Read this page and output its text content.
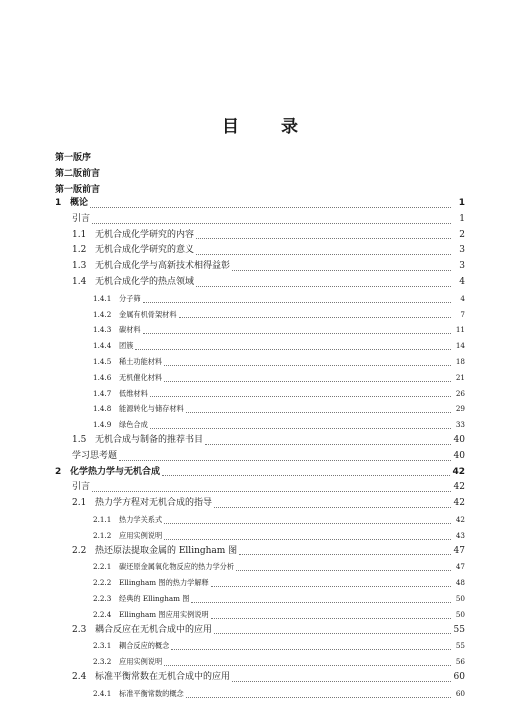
目 录
第一版序
第二版前言
第一版前言
1 概论	1
引言	1
1.1 无机合成化学研究的内容	2
1.2 无机合成化学研究的意义	3
1.3 无机合成化学与高新技术相得益彰	3
1.4 无机合成化学的热点领域	4
1.4.1	分子筛	4
1.4.2	金属有机骨架材料	7
1.4.3	碳材料	11
1.4.4	团簇	14
1.4.5	稀土功能材料	18
1.4.6	无机催化材料	21
1.4.7	低维材料	26
1.4.8	能源转化与储存材料	29
1.4.9	绿色合成	33
1.5 无机合成与制备的推荐书目	40
学习思考题	40
2 化学热力学与无机合成	42
引言	42
2.1 热力学方程对无机合成的指导	42
2.1.1	热力学关系式	42
2.1.2	应用实例说明	43
2.2 热还原法提取金属的 Ellingham 图	47
2.2.1	碳还原金属氧化物反应的热力学分析	47
2.2.2	Ellingham 图的热力学解释	48
2.2.3	经典的 Ellingham 图	50
2.2.4	Ellingham 图应用实例说明	50
2.3 耦合反应在无机合成中的应用	55
2.3.1	耦合反应的概念	55
2.3.2	应用实例说明	56
2.4 标准平衡常数在无机合成中的应用	60
2.4.1	标准平衡常数的概念	60
